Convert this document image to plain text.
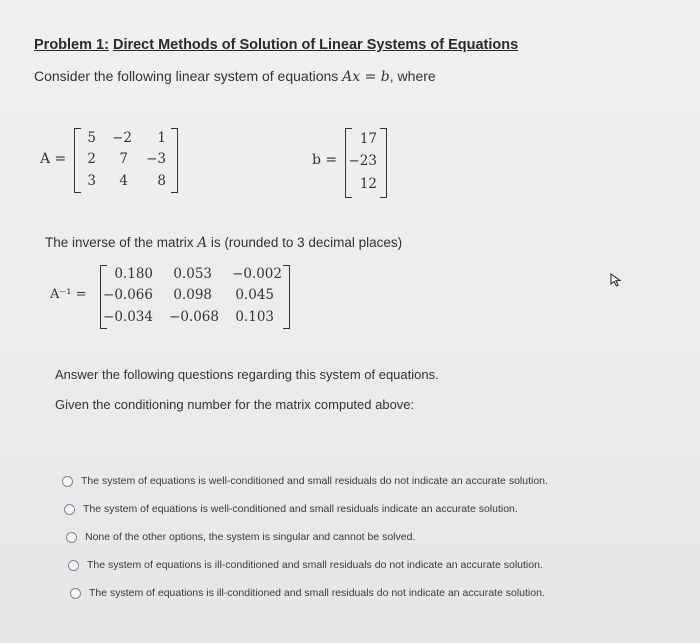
Problem 1: Direct Methods of Solution of Linear Systems of Equations
Consider the following linear system of equations Ax = b, where
A =
5 −2 1
2 7 −3
3 4 8
b =
17
−23
12
The inverse of the matrix A is (rounded to 3 decimal places)
A⁻¹ =
0.180 0.053 −0.002
−0.066 0.098 0.045
−0.034 −0.068 0.103
Answer the following questions regarding this system of equations.
Given the conditioning number for the matrix computed above:
The system of equations is well-conditioned and small residuals do not indicate an accurate solution.
The system of equations is well-conditioned and small residuals indicate an accurate solution.
None of the other options, the system is singular and cannot be solved.
The system of equations is ill-conditioned and small residuals do not indicate an accurate solution.
The system of equations is ill-conditioned and small residuals do not indicate an accurate solution.
